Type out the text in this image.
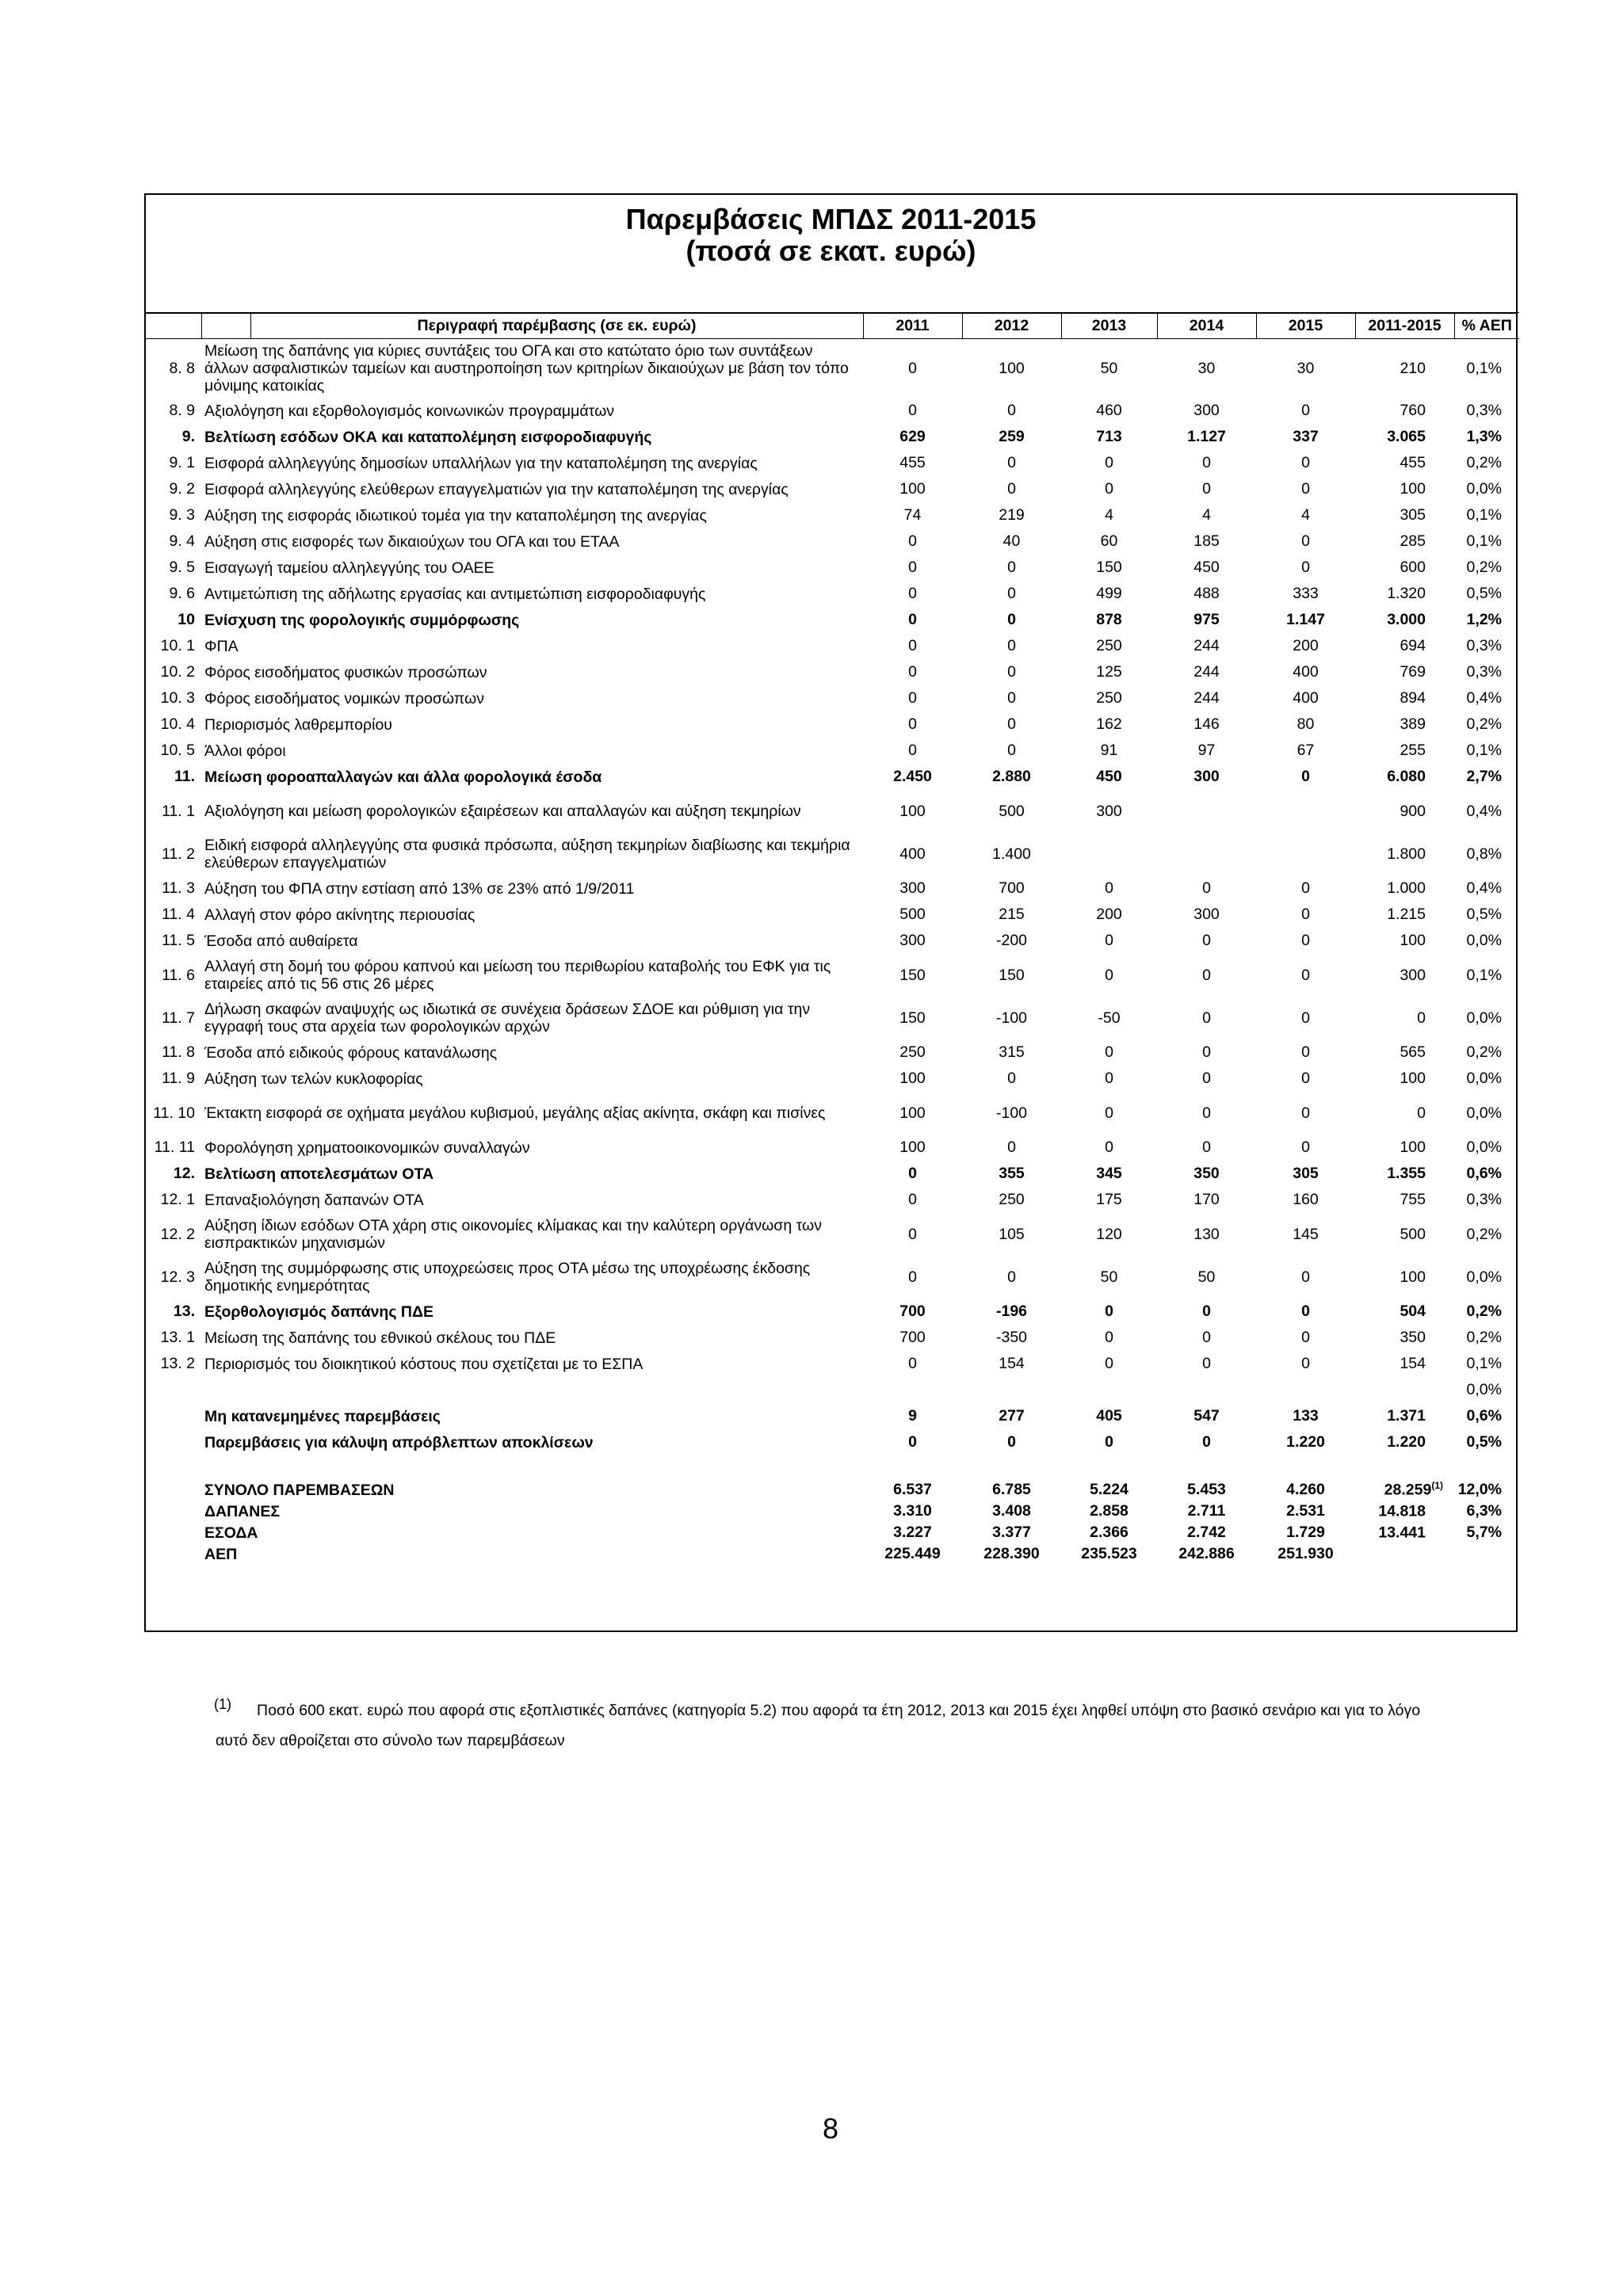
Παρεμβάσεις ΜΠΔΣ 2011-2015
(ποσά σε εκατ. ευρώ)
		Περιγραφή παρέμβασης (σε εκ. ευρώ)	2011	2012	2013	2014	2015	2011-2015	% ΑΕΠ
8. 8	Μείωση της δαπάνης για κύριες συντάξεις του ΟΓΑ και στο κατώτατο όριο των συντάξεων άλλων ασφαλιστικών ταμείων και αυστηροποίηση των κριτηρίων δικαιούχων με βάση τον τόπο μόνιμης κατοικίας		0	100	50	30	30	210	0,1%
8. 9	Αξιολόγηση και εξορθολογισμός κοινωνικών προγραμμάτων		0	0	460	300	0	760	0,3%
9.	Βελτίωση εσόδων ΟΚΑ και καταπολέμηση εισφοροδιαφυγής		629	259	713	1.127	337	3.065	1,3%
9. 1	Εισφορά αλληλεγγύης δημοσίων υπαλλήλων για την καταπολέμηση της ανεργίας		455	0	0	0	0	455	0,2%
9. 2	Εισφορά αλληλεγγύης ελεύθερων επαγγελματιών για την καταπολέμηση της ανεργίας		100	0	0	0	0	100	0,0%
9. 3	Αύξηση της εισφοράς ιδιωτικού τομέα για την καταπολέμηση της ανεργίας		74	219	4	4	4	305	0,1%
9. 4	Αύξηση στις εισφορές των δικαιούχων του ΟΓΑ και του ΕΤΑΑ		0	40	60	185	0	285	0,1%
9. 5	Εισαγωγή ταμείου αλληλεγγύης του ΟΑΕΕ		0	0	150	450	0	600	0,2%
9. 6	Αντιμετώπιση της αδήλωτης εργασίας και αντιμετώπιση εισφοροδιαφυγής		0	0	499	488	333	1.320	0,5%
10	Ενίσχυση της φορολογικής συμμόρφωσης		0	0	878	975	1.147	3.000	1,2%
10. 1	ΦΠΑ		0	0	250	244	200	694	0,3%
10. 2	Φόρος εισοδήματος φυσικών προσώπων		0	0	125	244	400	769	0,3%
10. 3	Φόρος εισοδήματος νομικών προσώπων		0	0	250	244	400	894	0,4%
10. 4	Περιορισμός λαθρεμπορίου		0	0	162	146	80	389	0,2%
10. 5	Άλλοι φόροι		0	0	91	97	67	255	0,1%
11.	Μείωση φοροαπαλλαγών και άλλα φορολογικά έσοδα		2.450	2.880	450	300	0	6.080	2,7%
11. 1	Αξιολόγηση και μείωση φορολογικών εξαιρέσεων και απαλλαγών και αύξηση τεκμηρίων		100	500	300			900	0,4%
11. 2	Ειδική εισφορά αλληλεγγύης στα φυσικά πρόσωπα, αύξηση τεκμηρίων διαβίωσης και τεκμήρια ελεύθερων επαγγελματιών		400	1.400				1.800	0,8%
11. 3	Αύξηση του ΦΠΑ στην εστίαση από 13% σε 23% από 1/9/2011		300	700	0	0	0	1.000	0,4%
11. 4	Αλλαγή στον φόρο ακίνητης περιουσίας		500	215	200	300	0	1.215	0,5%
11. 5	Έσοδα από αυθαίρετα		300	-200	0	0	0	100	0,0%
11. 6	Αλλαγή στη δομή του φόρου καπνού και μείωση του περιθωρίου καταβολής του ΕΦΚ για τις εταιρείες από τις 56 στις 26 μέρες		150	150	0	0	0	300	0,1%
11. 7	Δήλωση σκαφών αναψυχής ως ιδιωτικά σε συνέχεια δράσεων ΣΔΟΕ και ρύθμιση για την εγγραφή τους στα αρχεία των φορολογικών αρχών		150	-100	-50	0	0	0	0,0%
11. 8	Έσοδα από ειδικούς φόρους κατανάλωσης		250	315	0	0	0	565	0,2%
11. 9	Αύξηση των τελών κυκλοφορίας		100	0	0	0	0	100	0,0%
11. 10	Έκτακτη εισφορά σε οχήματα μεγάλου κυβισμού, μεγάλης αξίας ακίνητα, σκάφη και πισίνες		100	-100	0	0	0	0	0,0%
11. 11	Φορολόγηση χρηματοοικονομικών συναλλαγών		100	0	0	0	0	100	0,0%
12.	Βελτίωση αποτελεσμάτων ΟΤΑ		0	355	345	350	305	1.355	0,6%
12. 1	Επαναξιολόγηση δαπανών ΟΤΑ		0	250	175	170	160	755	0,3%
12. 2	Αύξηση ίδιων εσόδων ΟΤΑ χάρη στις οικονομίες κλίμακας και την καλύτερη οργάνωση των εισπρακτικών μηχανισμών		0	105	120	130	145	500	0,2%
12. 3	Αύξηση της συμμόρφωσης στις υποχρεώσεις προς ΟΤΑ μέσω της υποχρέωσης έκδοσης δημοτικής ενημερότητας		0	0	50	50	0	100	0,0%
13.	Εξορθολογισμός δαπάνης ΠΔΕ		700	-196	0	0	0	504	0,2%
13. 1	Μείωση της δαπάνης του εθνικού σκέλους του ΠΔΕ		700	-350	0	0	0	350	0,2%
13. 2	Περιορισμός του διοικητικού κόστους που σχετίζεται με το ΕΣΠΑ		0	154	0	0	0	154	0,1%
									0,0%
	Μη κατανεμημένες παρεμβάσεις		9	277	405	547	133	1.371	0,6%
	Παρεμβάσεις για κάλυψη απρόβλεπτων αποκλίσεων		0	0	0	0	1.220	1.220	0,5%

	ΣΥΝΟΛΟ ΠΑΡΕΜΒΑΣΕΩΝ		6.537	6.785	5.224	5.453	4.260	28.259$^{(1)}$	12,0%
	ΔΑΠΑΝΕΣ		3.310	3.408	2.858	2.711	2.531	14.818	6,3%
	ΕΣΟΔΑ		3.227	3.377	2.366	2.742	1.729	13.441	5,7%
	ΑΕΠ		225.449	228.390	235.523	242.886	251.930		
(1)	Ποσό 600 εκατ. ευρώ που αφορά στις εξοπλιστικές δαπάνες (κατηγορία 5.2) που αφορά τα έτη 2012, 2013 και 2015 έχει ληφθεί υπόψη στο βασικό σενάριο και για το λόγο αυτό δεν αθροίζεται στο σύνολο των παρεμβάσεων
8
